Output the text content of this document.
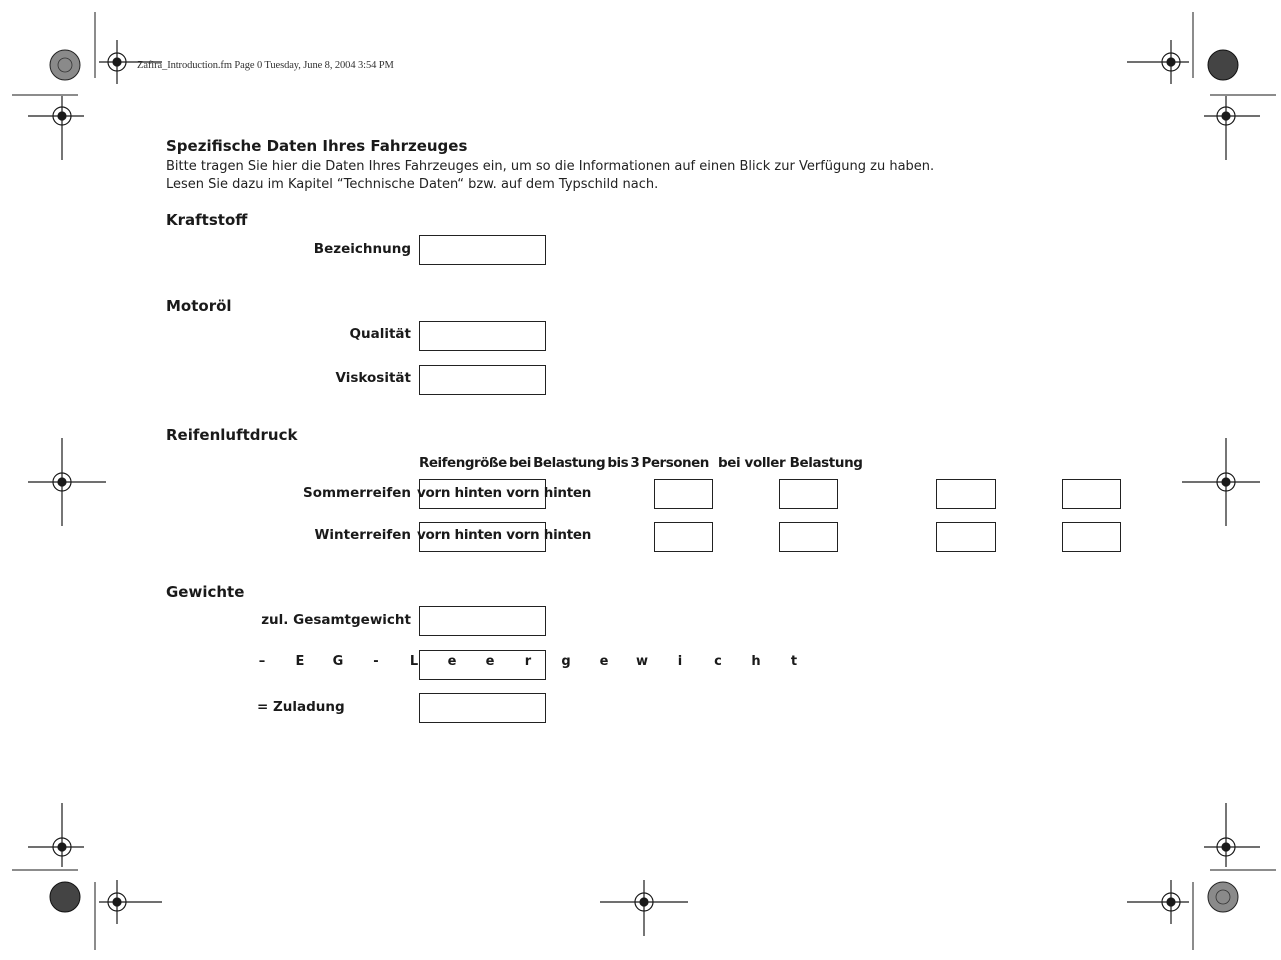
Zafira_Introduction.fm Page 0 Tuesday, June 8, 2004 3:54 PM
Spezifische Daten Ihres Fahrzeuges
Bitte tragen Sie hier die Daten Ihres Fahrzeuges ein, um so die Informationen auf einen Blick zur Verfügung zu haben.
Lesen Sie dazu im Kapitel “Technische Daten“ bzw. auf dem Typschild nach.
Kraftstoff
Bezeichnung
Motoröl
Qualität
Viskosität
Reifenluftdruck
Reifengröße bei Belastung bis 3 Personen bei voller Belastung
Sommerreifen vorn hinten vorn hinten
Winterreifen vorn hinten vorn hinten
Gewichte
zul. Gesamtgewicht
– E G - L e e r g e w i c h t
= Zuladung
